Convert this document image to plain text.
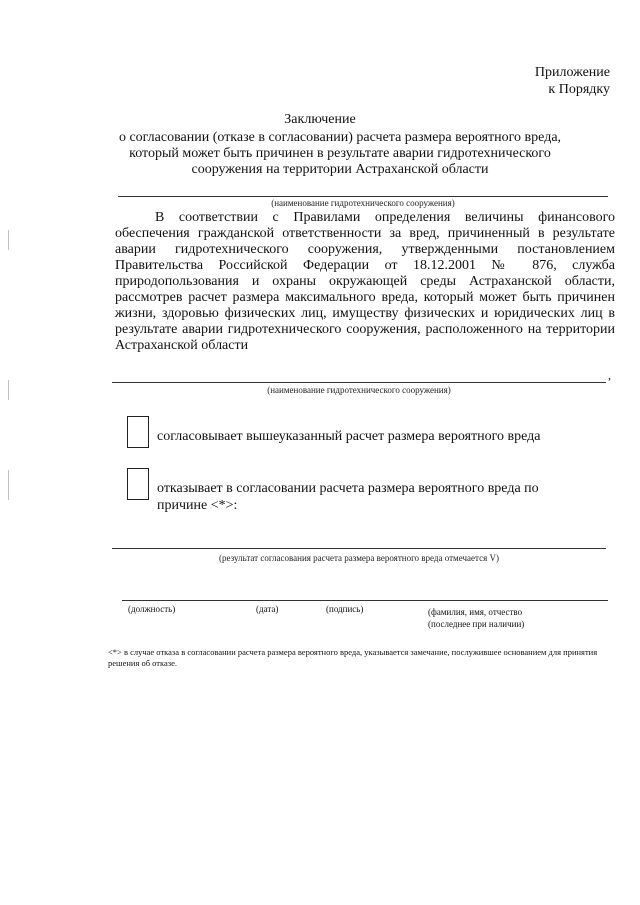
Приложение
к Порядку
Заключение
о согласовании (отказе в согласовании) расчета размера вероятного вреда,
который может быть причинен в результате аварии гидротехнического
сооружения на территории Астраханской области
(наименование гидротехнического сооружения)
В соответствии с Правилами определения величины финансового обеспечения гражданской ответственности за вред, причиненный в результате аварии гидротехнического сооружения, утвержденными постановлением Правительства Российской Федерации от 18.12.2001 № 876, служба природопользования и охраны окружающей среды Астраханской области, рассмотрев расчет размера максимального вреда, который может быть причинен жизни, здоровью физических лиц, имуществу физических и юридических лиц в результате аварии гидротехнического сооружения, расположенного на территории Астраханской области
,
(наименование гидротехнического сооружения)
согласовывает вышеуказанный расчет размера вероятного вреда
отказывает в согласовании расчета размера вероятного вреда по
причине <*>:
(результат согласования расчета размера вероятного вреда отмечается V)
(должность)	(дата)	(подпись)	(фамилия, имя, отчество
(последнее при наличии)
<*> в случае отказа в согласовании расчета размера вероятного вреда, указывается замечание, послужившее основанием для принятия решения об отказе.
